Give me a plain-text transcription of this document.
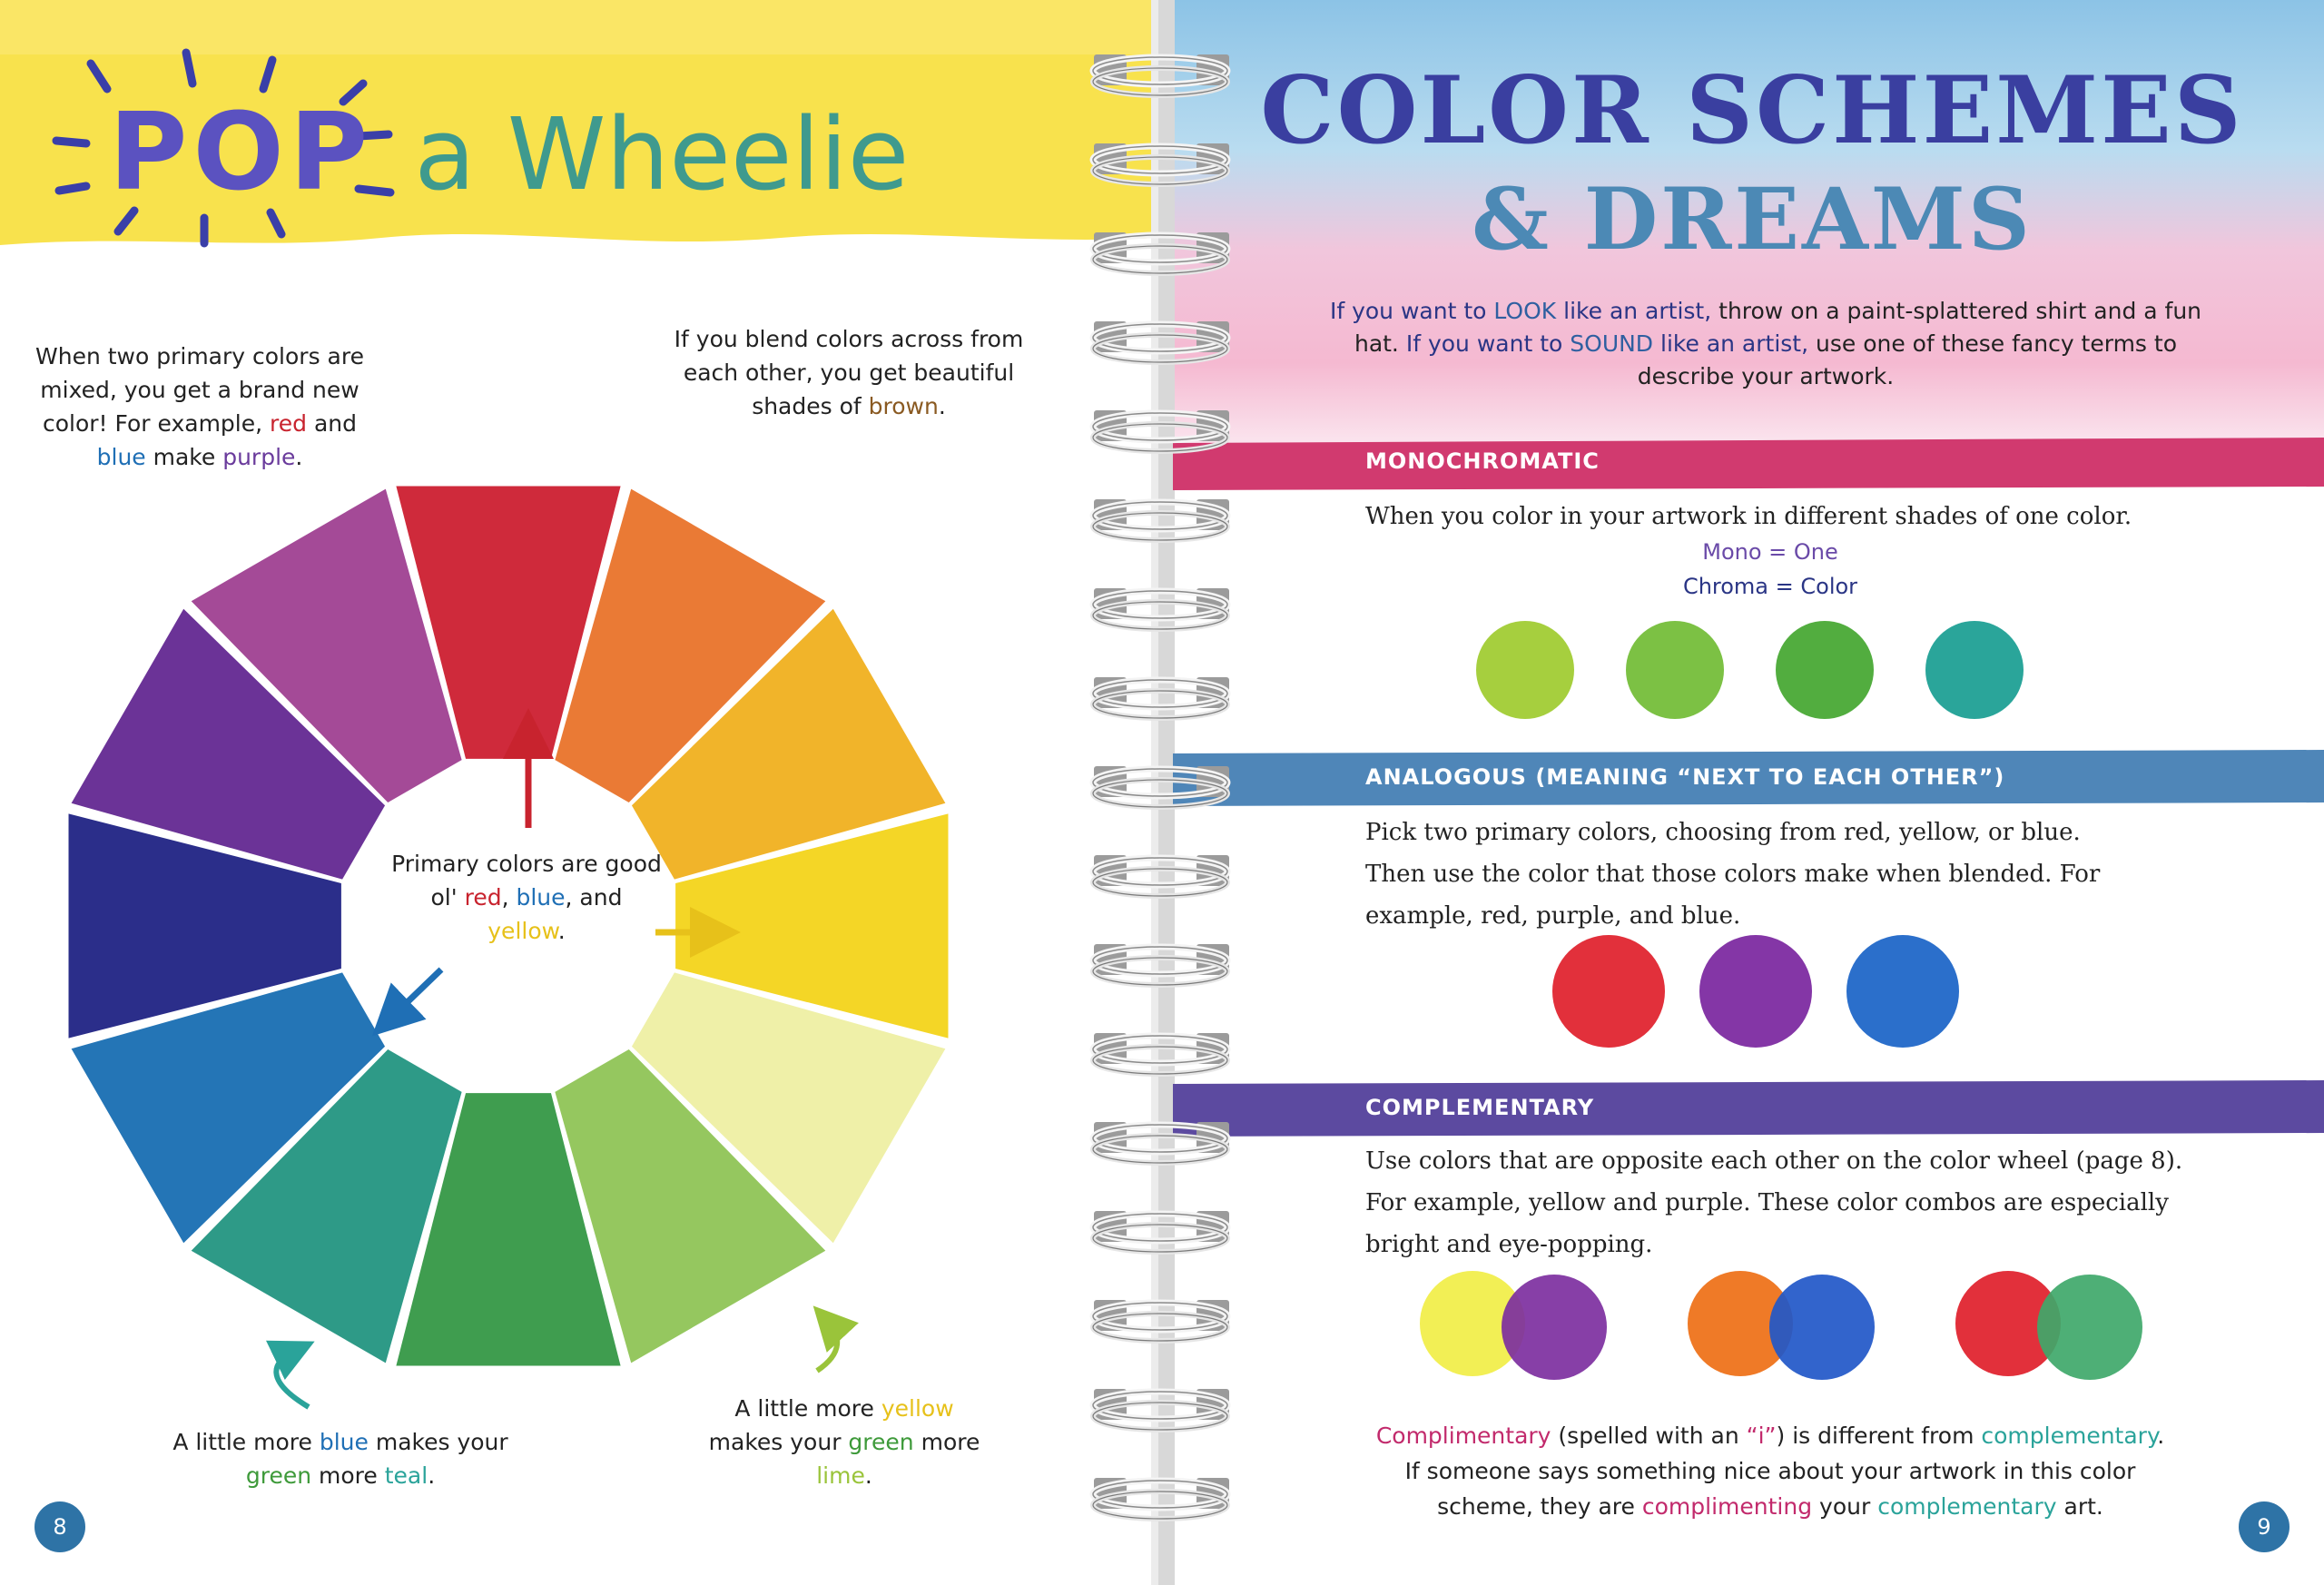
POP a Wheelie
When two primary colors are mixed, you get a brand new color! For example, red and blue make purple.
If you blend colors across from each other, you get beautiful shades of brown.
Primary colors are good ol' red, blue, and yellow.
A little more blue makes your green more teal.
A little more yellow makes your green more lime.
8
COLOR SCHEMES
& DREAMS
If you want to LOOK like an artist, throw on a paint-splattered shirt and a fun hat. If you want to SOUND like an artist, use one of these fancy terms to describe your artwork.
MONOCHROMATIC
When you color in your artwork in different shades of one color.
Mono = One
Chroma = Color
ANALOGOUS (MEANING “NEXT TO EACH OTHER”)
Pick two primary colors, choosing from red, yellow, or blue.
Then use the color that those colors make when blended. For
example, red, purple, and blue.
COMPLEMENTARY
Use colors that are opposite each other on the color wheel (page 8).
For example, yellow and purple. These color combos are especially
bright and eye-popping.
Complimentary (spelled with an “i”) is different from complementary.
If someone says something nice about your artwork in this color
scheme, they are complimenting your complementary art.
9
